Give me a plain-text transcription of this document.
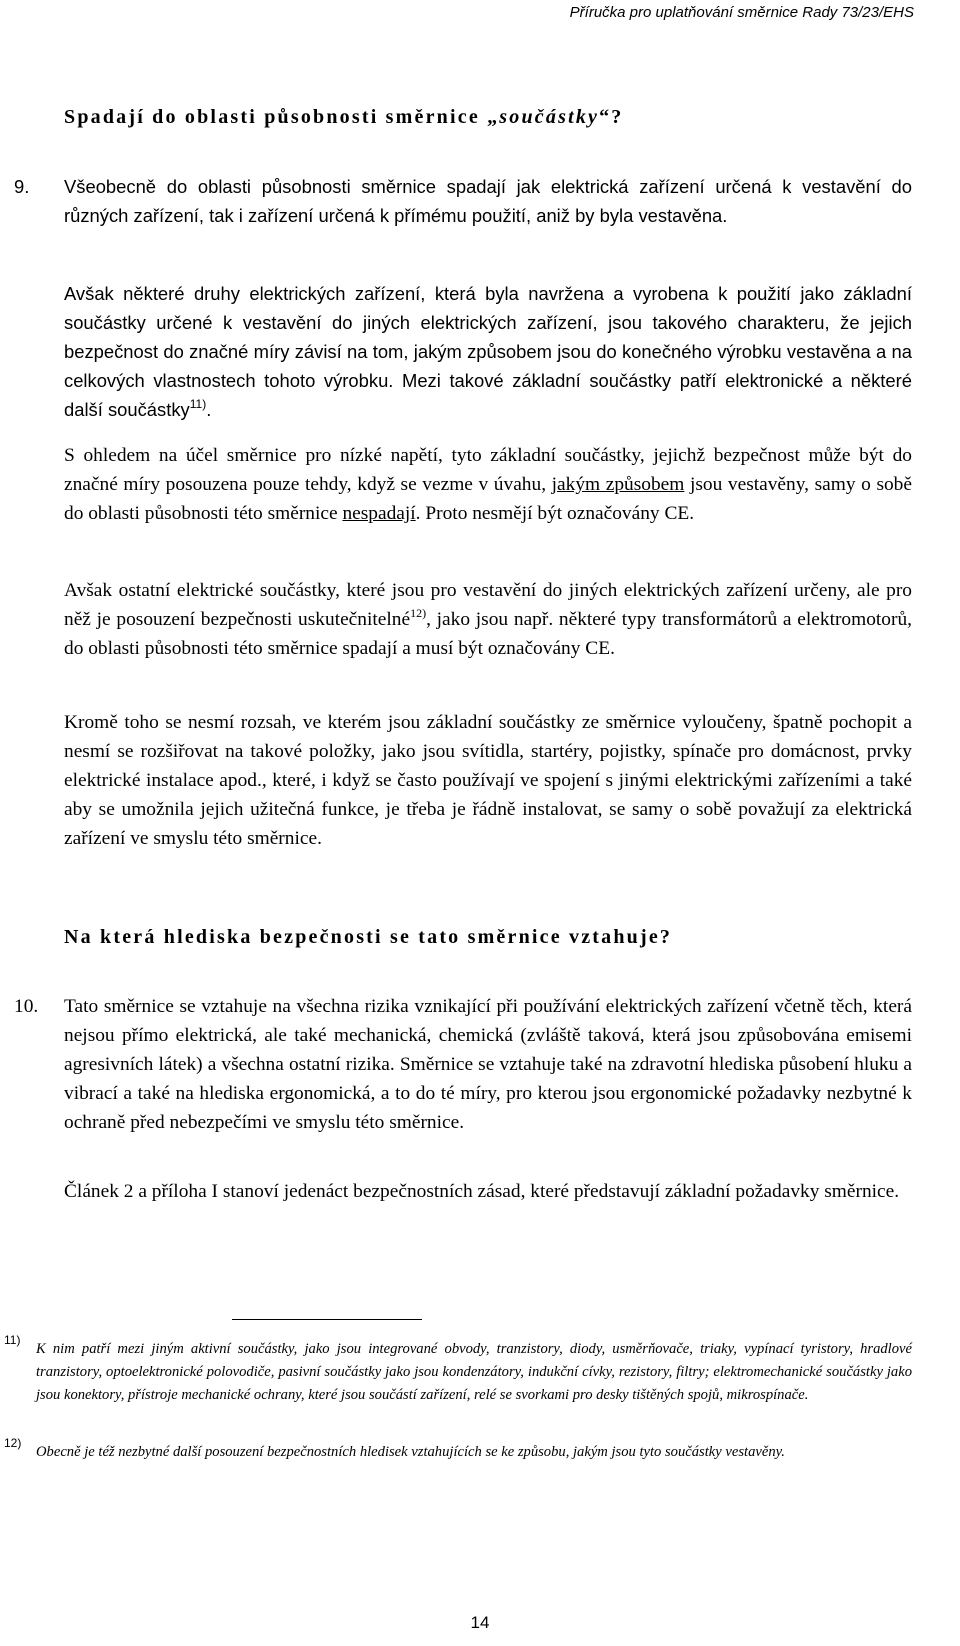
Příručka pro uplatňování směrnice Rady 73/23/EHS
Spadají do oblasti působnosti směrnice „součástky“?
9. Všeobecně do oblasti působnosti směrnice spadají jak elektrická zařízení určená k vestavění do různých zařízení, tak i zařízení určená k přímému použití, aniž by byla vestavěna.

Avšak některé druhy elektrických zařízení, která byla navržena a vyrobena k použití jako základní součástky určené k vestavění do jiných elektrických zařízení, jsou takového charakteru, že jejich bezpečnost do značné míry závisí na tom, jakým způsobem jsou do konečného výrobku vestavěna a na celkových vlastnostech tohoto výrobku. Mezi takové základní součástky patří elektronické a některé další součástky$^{11)}$.

S ohledem na účel směrnice pro nízké napětí, tyto základní součástky, jejichž bezpečnost může být do značné míry posouzena pouze tehdy, když se vezme v úvahu, jakým způsobem jsou vestavěny, samy o sobě do oblasti působnosti této směrnice nespadají. Proto nesmějí být označovány CE.

Avšak ostatní elektrické součástky, které jsou pro vestavění do jiných elektrických zařízení určeny, ale pro něž je posouzení bezpečnosti uskutečnitelné$^{12)}$, jako jsou např. některé typy transformátorů a elektromotorů, do oblasti působnosti této směrnice spadají a musí být označovány CE.

Kromě toho se nesmí rozsah, ve kterém jsou základní součástky ze směrnice vyloučeny, špatně pochopit a nesmí se rozšiřovat na takové položky, jako jsou svítidla, startéry, pojistky, spínače pro domácnost, prvky elektrické instalace apod., které, i když se často používají ve spojení s jinými elektrickými zařízeními a také aby se umožnila jejich užitečná funkce, je třeba je řádně instalovat, se samy o sobě považují za elektrická zařízení ve smyslu této směrnice.

Na která hlediska bezpečnosti se tato směrnice vztahuje?
10. Tato směrnice se vztahuje na všechna rizika vznikající při používání elektrických zařízení včetně těch, která nejsou přímo elektrická, ale také mechanická, chemická (zvláště taková, která jsou způsobována emisemi agresivních látek) a všechna ostatní rizika. Směrnice se vztahuje také na zdravotní hlediska působení hluku a vibrací a také na hlediska ergonomická, a to do té míry, pro kterou jsou ergonomické požadavky nezbytné k ochraně před nebezpečími ve smyslu této směrnice.

Článek 2 a příloha I stanoví jedenáct bezpečnostních zásad, které představují základní požadavky směrnice.

11)

K nim patří mezi jiným aktivní součástky, jako jsou integrované obvody, tranzistory, diody, usměrňovače, triaky, vypínací tyristory, hradlové tranzistory, optoelektronické polovodiče, pasivní součástky jako jsou kondenzátory, indukční cívky, rezistory, filtry; elektromechanické součástky jako jsou konektory, přístroje mechanické ochrany, které jsou součástí zařízení, relé se svorkami pro desky tištěných spojů, mikrospínače.

12)

Obecně je též nezbytné další posouzení bezpečnostních hledisek vztahujících se ke způsobu, jakým jsou tyto součástky vestavěny.

14
